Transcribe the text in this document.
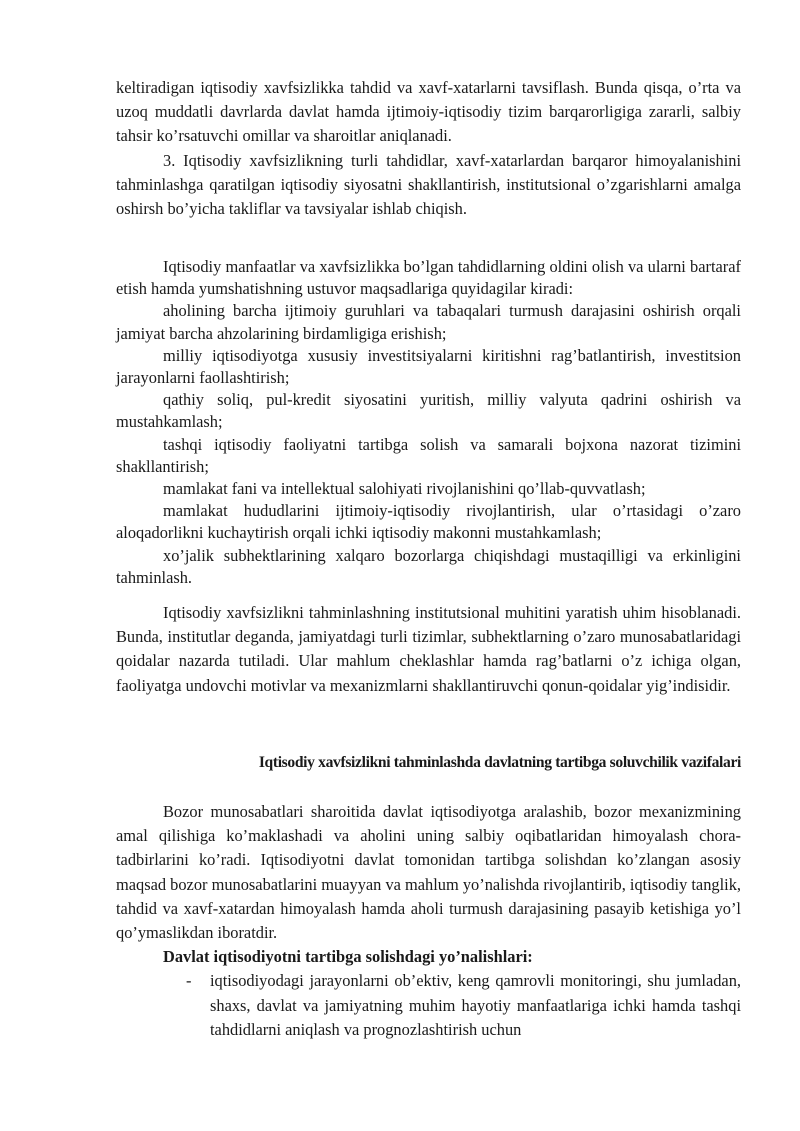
keltiradigan iqtisodiy xavfsizlikka tahdid va xavf-xatarlarni tavsiflash. Bunda qisqa, o’rta va uzoq muddatli davrlarda davlat hamda ijtimoiy-iqtisodiy tizim barqarorligiga zararli, salbiy tahsir ko’rsatuvchi omillar va sharoitlar aniqlanadi.

3. Iqtisodiy xavfsizlikning turli tahdidlar, xavf-xatarlardan barqaror himoyalanishini tahminlashga qaratilgan iqtisodiy siyosatni shakllantirish, institutsional o’zgarishlarni amalga oshirsh bo’yicha takliflar va tavsiyalar ishlab chiqish.

Iqtisodiy manfaatlar va xavfsizlikka bo’lgan tahdidlarning oldini olish va ularni bartaraf etish hamda yumshatishning ustuvor maqsadlariga quyidagilar kiradi:

aholining barcha ijtimoiy guruhlari va tabaqalari turmush darajasini oshirish orqali jamiyat barcha ahzolarining birdamligiga erishish;

milliy iqtisodiyotga xususiy investitsiyalarni kiritishni rag’batlantirish, investitsion jarayonlarni faollashtirish;

qathiy soliq, pul-kredit siyosatini yuritish, milliy valyuta qadrini oshirish va mustahkamlash;

tashqi iqtisodiy faoliyatni tartibga solish va samarali bojxona nazorat tizimini shakllantirish;

mamlakat fani va intellektual salohiyati rivojlanishini qo’llab-quvvatlash;

mamlakat hududlarini ijtimoiy-iqtisodiy rivojlantirish, ular o’rtasidagi o’zaro aloqadorlikni kuchaytirish orqali ichki iqtisodiy makonni mustahkamlash;

xo’jalik subhektlarining xalqaro bozorlarga chiqishdagi mustaqilligi va erkinligini tahminlash.

Iqtisodiy xavfsizlikni tahminlashning institutsional muhitini yaratish uhim hisoblanadi. Bunda, institutlar deganda, jamiyatdagi turli tizimlar, subhektlarning o’zaro munosabatlaridagi qoidalar nazarda tutiladi. Ular mahlum cheklashlar hamda rag’batlarni o’z ichiga olgan, faoliyatga undovchi motivlar va mexanizmlarni shakllantiruvchi qonun-qoidalar yig’indisidir.

Iqtisodiy xavfsizlikni tahminlashda davlatning tartibga soluvchilik vazifalari

Bozor munosabatlari sharoitida davlat iqtisodiyotga aralashib, bozor mexanizmining amal qilishiga ko’maklashadi va aholini uning salbiy oqibatlaridan himoyalash chora-tadbirlarini ko’radi. Iqtisodiyotni davlat tomonidan tartibga solishdan ko’zlangan asosiy maqsad bozor munosabatlarini muayyan va mahlum yo’nalishda rivojlantirib, iqtisodiy tanglik, tahdid va xavf-xatardan himoyalash hamda aholi turmush darajasining pasayib ketishiga yo’l qo’ymaslikdan iboratdir.

Davlat iqtisodiyotni tartibga solishdagi yo’nalishlari:

- iqtisodiyodagi jarayonlarni ob’ektiv, keng qamrovli monitoringi, shu jumladan, shaxs, davlat va jamiyatning muhim hayotiy manfaatlariga ichki hamda tashqi tahdidlarni aniqlash va prognozlashtirish uchun
